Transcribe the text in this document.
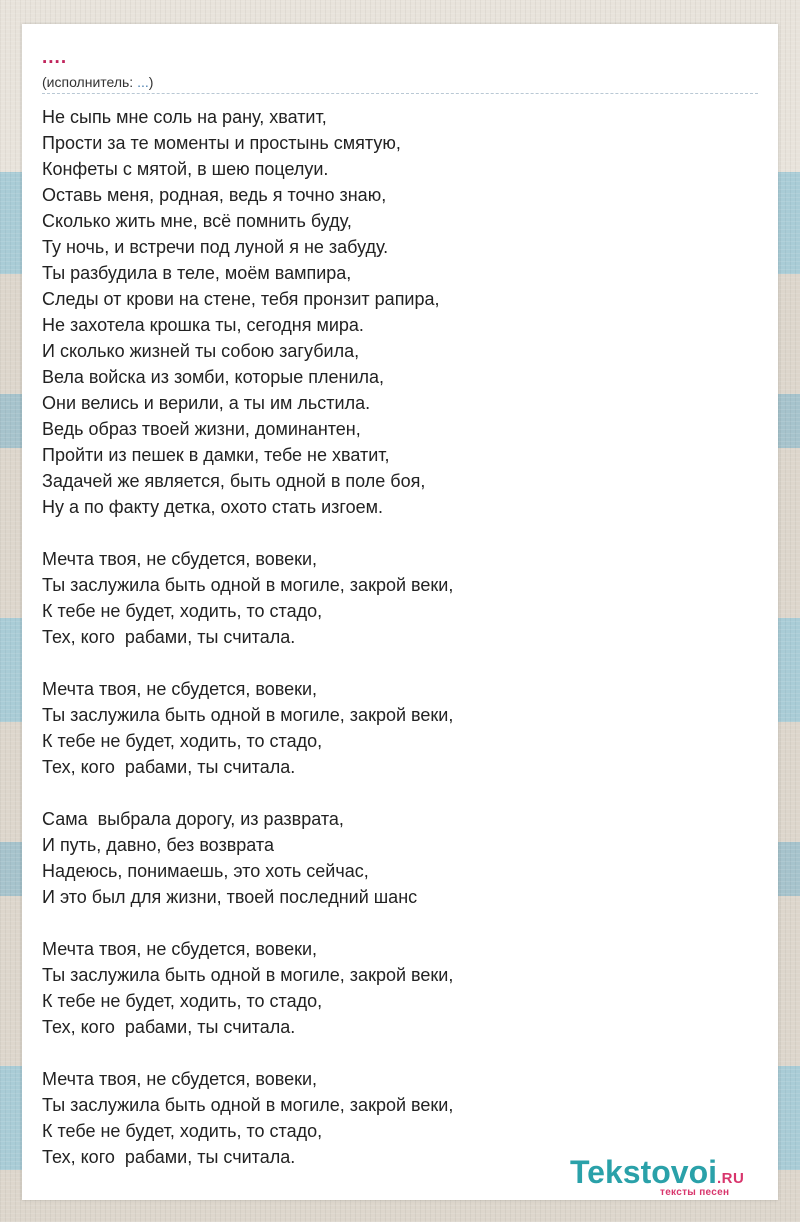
....
(исполнитель: ...)
Не сыпь мне соль на рану, хватит,
Прости за те моменты и простынь смятую,
Конфеты с мятой, в шею поцелуи.
Оставь меня, родная, ведь я точно знаю,
Сколько жить мне, всё помнить буду,
Ту ночь, и встречи под луной я не забуду.
Ты разбудила в теле, моём вампира,
Следы от крови на стене, тебя пронзит рапира,
Не захотела крошка ты, сегодня мира.
И сколько жизней ты собою загубила,
Вела войска из зомби, которые пленила,
Они велись и верили, а ты им льстила.
Ведь образ твоей жизни, доминантен,
Пройти из пешек в дамки, тебе не хватит,
Задачей же является, быть одной в поле боя,
Ну а по факту детка, охото стать изгоем.
Мечта твоя, не сбудется, вовеки,
Ты заслужила быть одной в могиле, закрой веки,
К тебе не будет, ходить, то стадо,
Тех, кого  рабами, ты считала.
Мечта твоя, не сбудется, вовеки,
Ты заслужила быть одной в могиле, закрой веки,
К тебе не будет, ходить, то стадо,
Тех, кого  рабами, ты считала.
Сама  выбрала дорогу, из разврата,
И путь, давно, без возврата
Надеюсь, понимаешь, это хоть сейчас,
И это был для жизни, твоей последний шанс
Мечта твоя, не сбудется, вовеки,
Ты заслужила быть одной в могиле, закрой веки,
К тебе не будет, ходить, то стадо,
Тех, кого  рабами, ты считала.
Мечта твоя, не сбудется, вовеки,
Ты заслужила быть одной в могиле, закрой веки,
К тебе не будет, ходить, то стадо,
Тех, кого  рабами, ты считала.	Tekstovoi.RU
тексты песен
